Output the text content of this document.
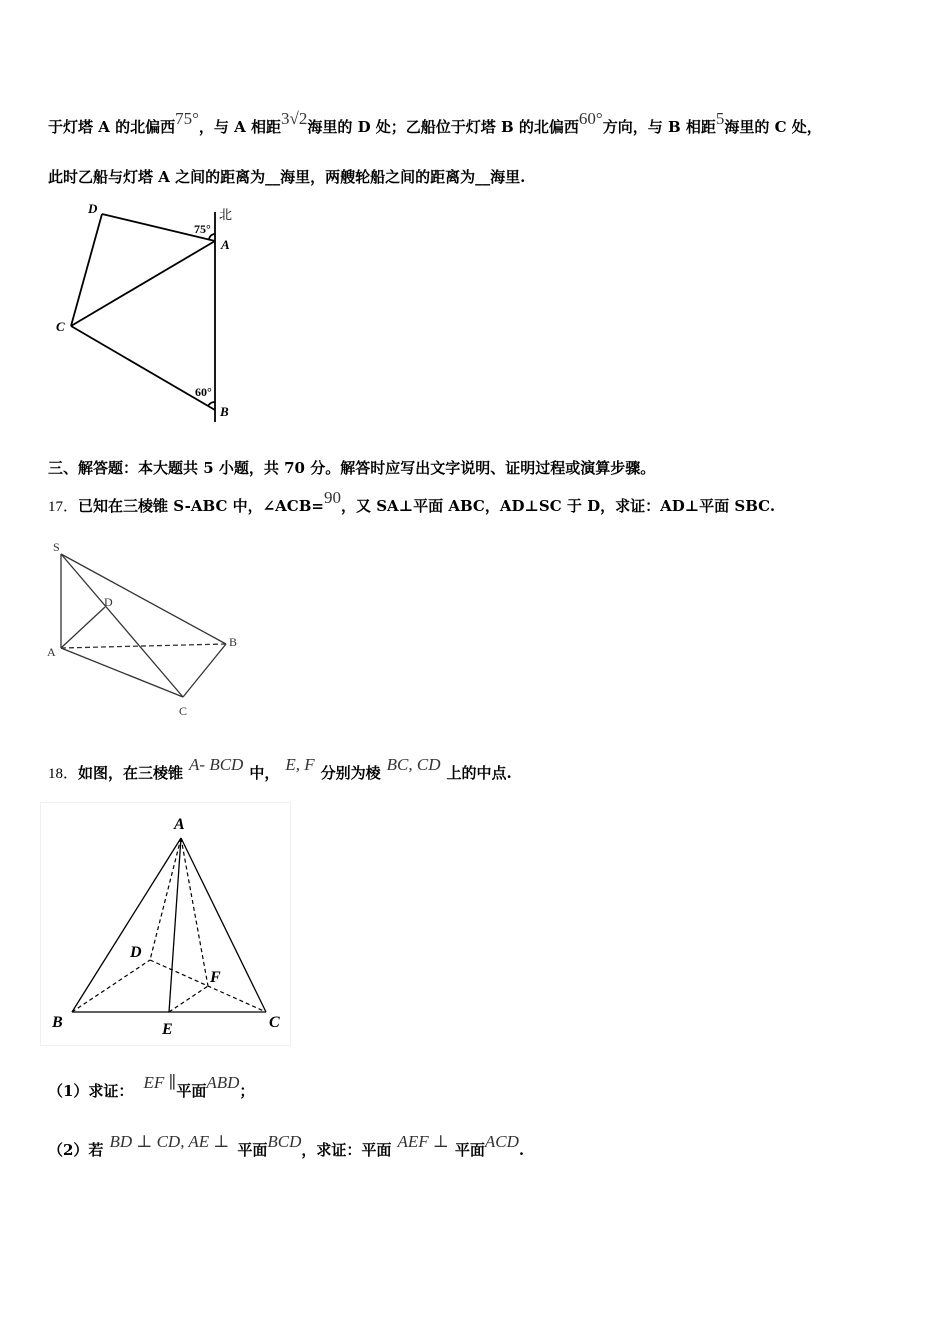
于灯塔 A 的北偏西75°，与 A 相距3√2海里的 D 处；乙船位于灯塔 B 的北偏西60°方向，与 B 相距5海里的 C 处，
此时乙船与灯塔 A 之间的距离为__海里，两艘轮船之间的距离为__海里.
D
A
C
B
75°
60°
北
三、解答题：本大题共 5 小题，共 70 分。解答时应写出文字说明、证明过程或演算步骤。
17．已知在三棱锥 S-ABC 中，∠ACB=90，又 SA⊥平面 ABC，AD⊥SC 于 D，求证：AD⊥平面 SBC.
S
D
A
B
C
18．如图，在三棱锥 A- BCD 中， E, F 分别为棱 BC, CD 上的中点.
A
B	C
D
E
F
（1）求证： EF ∥平面ABD；
（2）若 BD ⊥ CD, AE ⊥ 平面BCD，求证：平面 AEF ⊥ 平面ACD.
